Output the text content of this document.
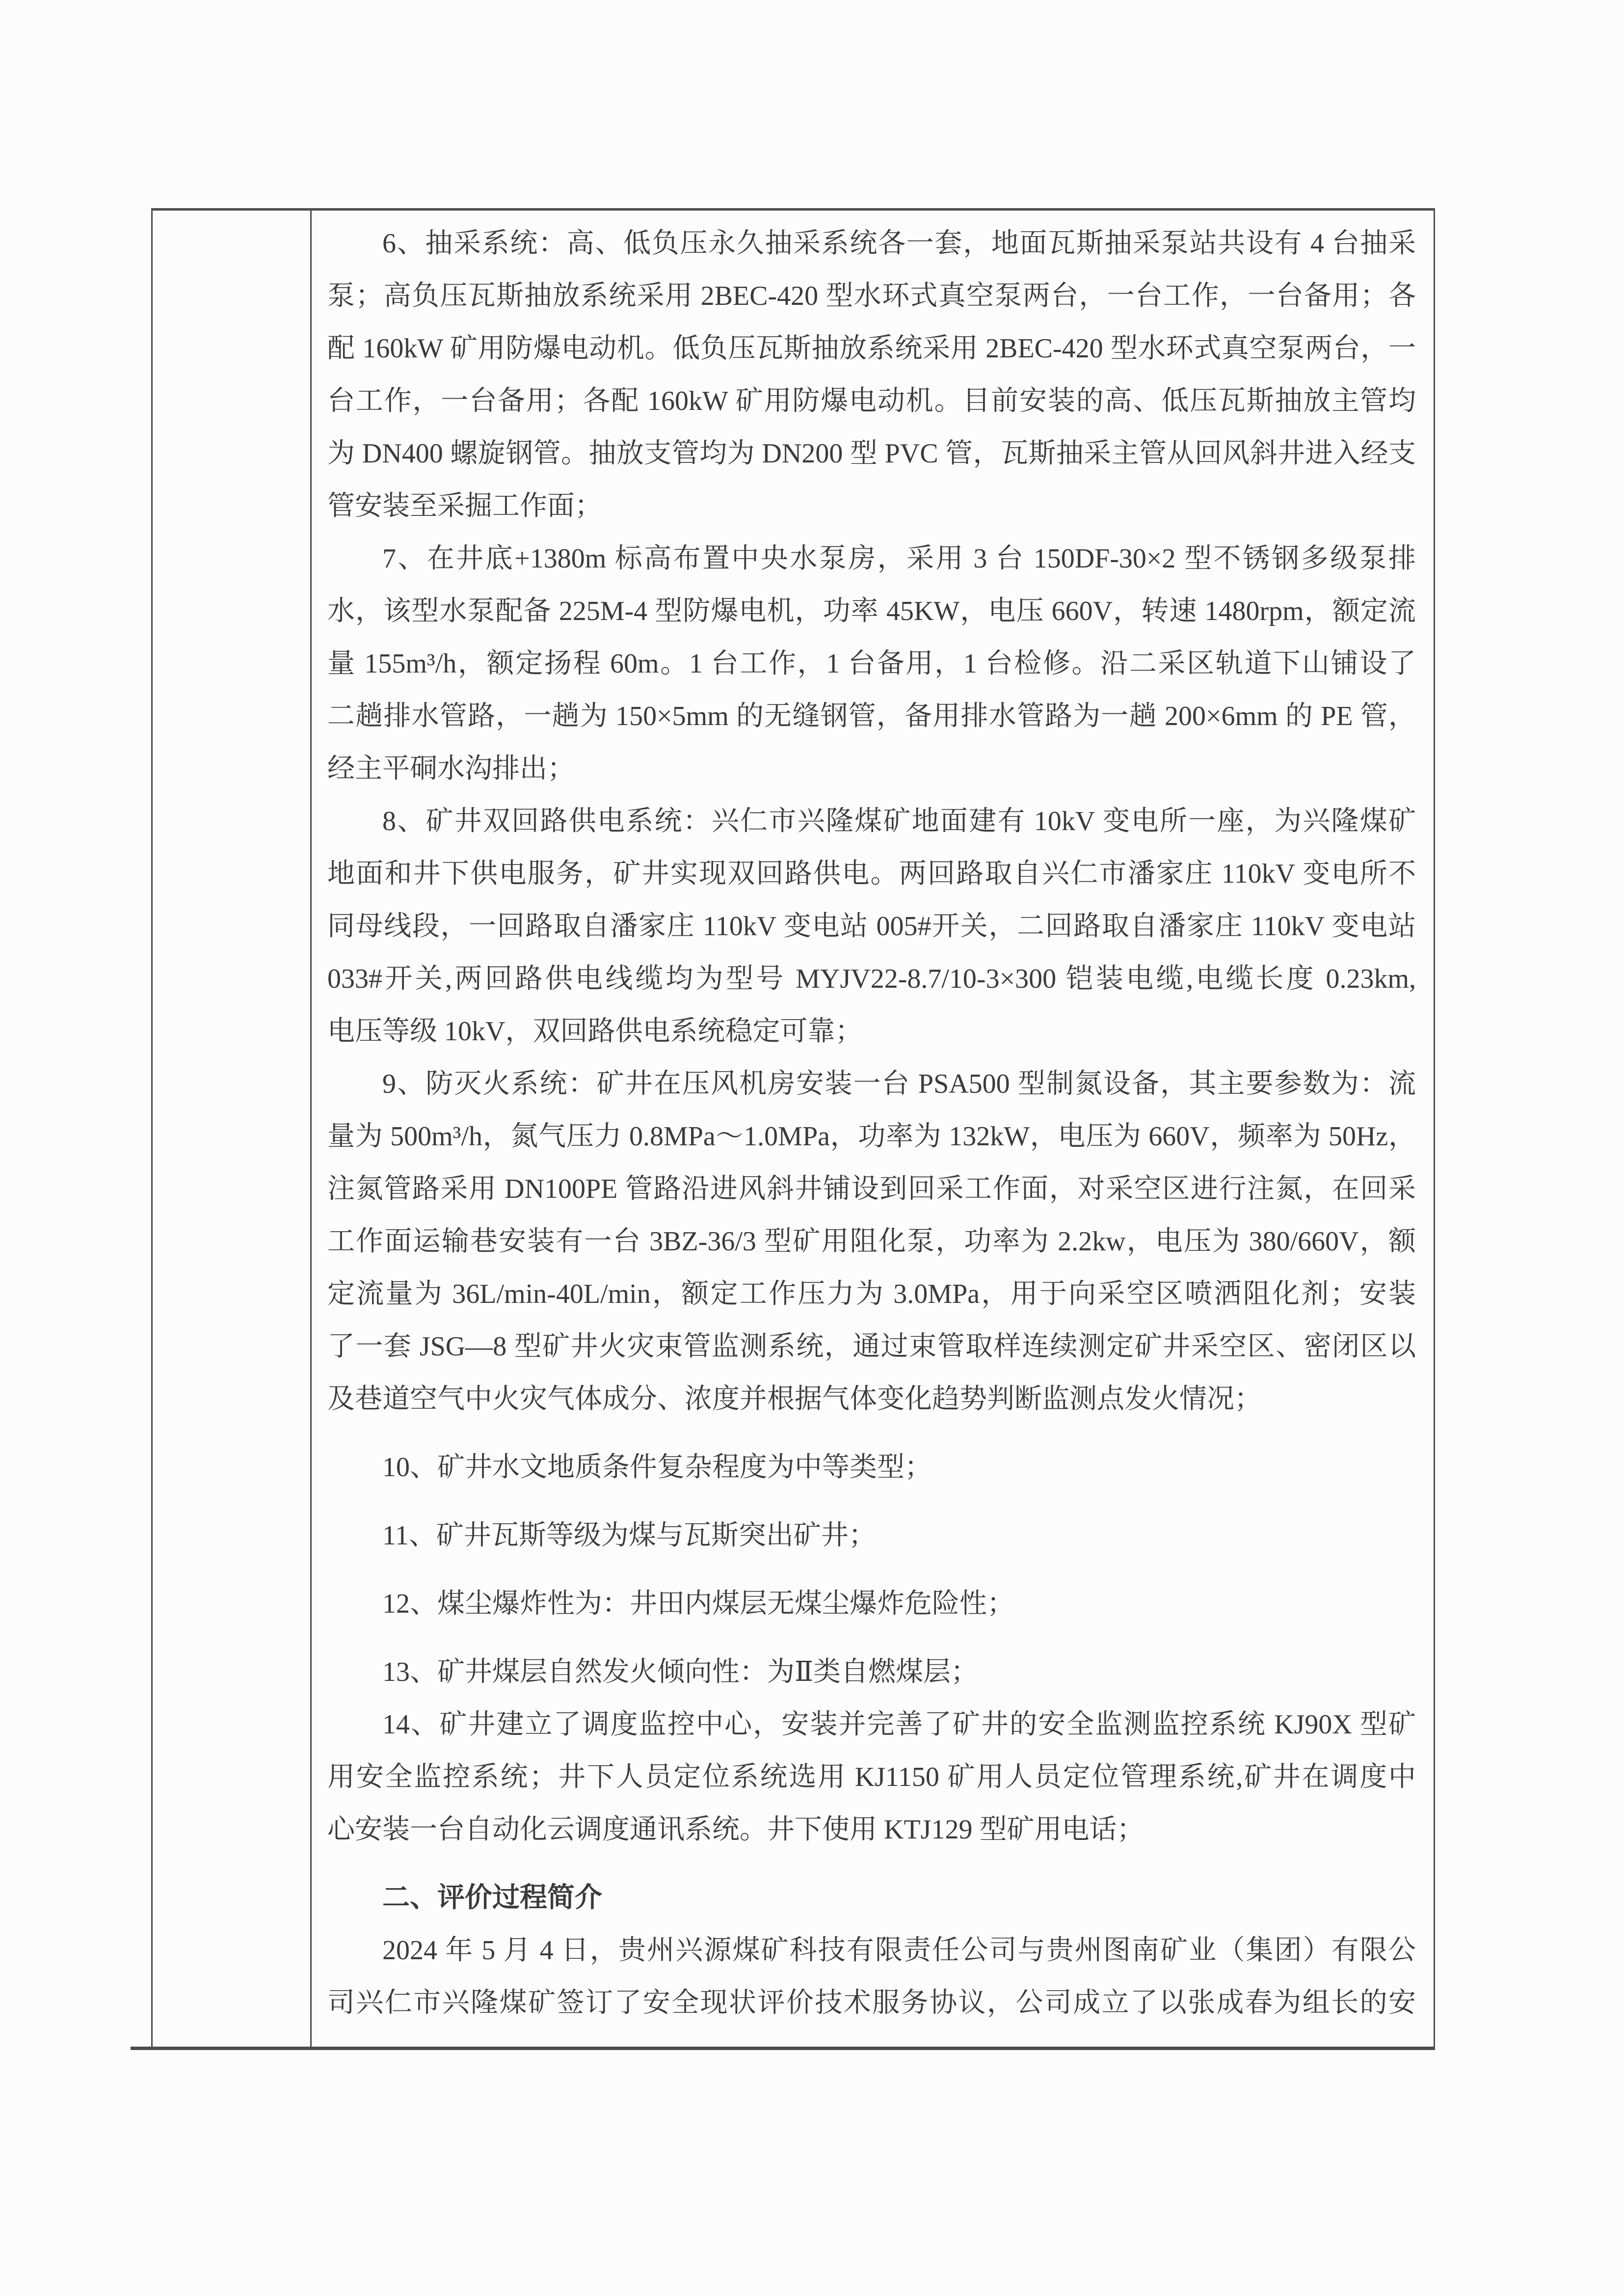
6、抽采系统：高、低负压永久抽采系统各一套，地面瓦斯抽采泵站共设有 4 台抽采
泵；高负压瓦斯抽放系统采用 2BEC-420 型水环式真空泵两台，一台工作，一台备用；各
配 160kW 矿用防爆电动机。低负压瓦斯抽放系统采用 2BEC-420 型水环式真空泵两台，一
台工作，一台备用；各配 160kW 矿用防爆电动机。目前安装的高、低压瓦斯抽放主管均
为 DN400 螺旋钢管。抽放支管均为 DN200 型 PVC 管，瓦斯抽采主管从回风斜井进入经支
管安装至采掘工作面；
7、在井底+1380m 标高布置中央水泵房，采用 3 台 150DF-30×2 型不锈钢多级泵排
水，该型水泵配备 225M-4 型防爆电机，功率 45KW，电压 660V，转速 1480rpm，额定流
量 155m³/h，额定扬程 60m。1 台工作，1 台备用，1 台检修。沿二采区轨道下山铺设了
二趟排水管路，一趟为 150×5mm 的无缝钢管，备用排水管路为一趟 200×6mm 的 PE 管，
经主平硐水沟排出；
8、矿井双回路供电系统：兴仁市兴隆煤矿地面建有 10kV 变电所一座，为兴隆煤矿
地面和井下供电服务，矿井实现双回路供电。两回路取自兴仁市潘家庄 110kV 变电所不
同母线段，一回路取自潘家庄 110kV 变电站 005#开关，二回路取自潘家庄 110kV 变电站
033#开关,两回路供电线缆均为型号 MYJV22-8.7/10-3×300 铠装电缆,电缆长度 0.23km,
电压等级 10kV，双回路供电系统稳定可靠；
9、防灭火系统：矿井在压风机房安装一台 PSA500 型制氮设备，其主要参数为：流
量为 500m³/h，氮气压力 0.8MPa～1.0MPa，功率为 132kW，电压为 660V，频率为 50Hz，
注氮管路采用 DN100PE 管路沿进风斜井铺设到回采工作面，对采空区进行注氮，在回采
工作面运输巷安装有一台 3BZ-36/3 型矿用阻化泵，功率为 2.2kw，电压为 380/660V，额
定流量为 36L/min-40L/min，额定工作压力为 3.0MPa，用于向采空区喷洒阻化剂；安装
了一套 JSG—8 型矿井火灾束管监测系统，通过束管取样连续测定矿井采空区、密闭区以
及巷道空气中火灾气体成分、浓度并根据气体变化趋势判断监测点发火情况；
10、矿井水文地质条件复杂程度为中等类型；
11、矿井瓦斯等级为煤与瓦斯突出矿井；
12、煤尘爆炸性为：井田内煤层无煤尘爆炸危险性；
13、矿井煤层自然发火倾向性：为Ⅱ类自燃煤层；
14、矿井建立了调度监控中心，安装并完善了矿井的安全监测监控系统 KJ90X 型矿
用安全监控系统；井下人员定位系统选用 KJ1150 矿用人员定位管理系统,矿井在调度中
心安装一台自动化云调度通讯系统。井下使用 KTJ129 型矿用电话；
二、评价过程简介
2024 年 5 月 4 日，贵州兴源煤矿科技有限责任公司与贵州图南矿业（集团）有限公
司兴仁市兴隆煤矿签订了安全现状评价技术服务协议，公司成立了以张成春为组长的安
